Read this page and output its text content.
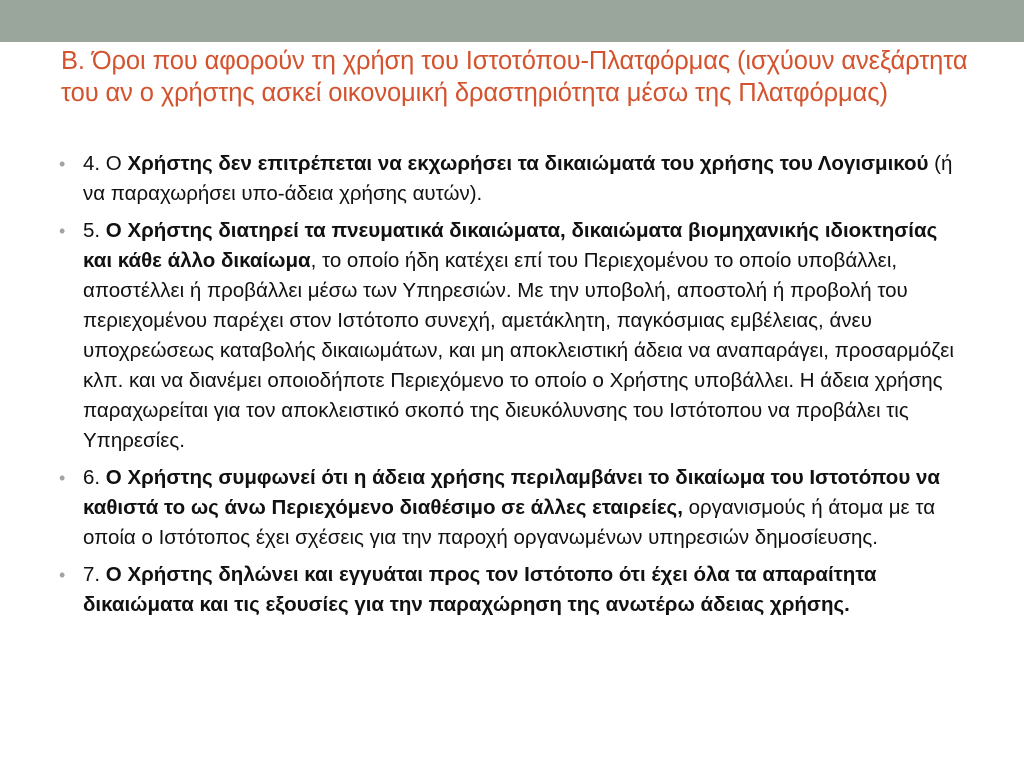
Β. Όροι που αφορούν τη χρήση του Ιστοτόπου-Πλατφόρμας (ισχύουν ανεξάρτητα του αν ο χρήστης ασκεί οικονομική δραστηριότητα μέσω της Πλατφόρμας)
• 4. Ο Χρήστης δεν επιτρέπεται να εκχωρήσει τα δικαιώματά του χρήσης του Λογισμικού (ή να παραχωρήσει υπο-άδεια χρήσης αυτών).
• 5. Ο Χρήστης διατηρεί τα πνευματικά δικαιώματα, δικαιώματα βιομηχανικής ιδιοκτησίας και κάθε άλλο δικαίωμα, το οποίο ήδη κατέχει επί του Περιεχομένου το οποίο υποβάλλει, αποστέλλει ή προβάλλει μέσω των Υπηρεσιών. Με την υποβολή, αποστολή ή προβολή του περιεχομένου παρέχει στον Ιστότοπο συνεχή, αμετάκλητη, παγκόσμιας εμβέλειας, άνευ υποχρεώσεως καταβολής δικαιωμάτων, και μη αποκλειστική άδεια να αναπαράγει, προσαρμόζει κλπ. και να διανέμει οποιοδήποτε Περιεχόμενο το οποίο ο Χρήστης υποβάλλει. Η άδεια χρήσης παραχωρείται για τον αποκλειστικό σκοπό της διευκόλυνσης του Ιστότοπου να προβάλει τις Υπηρεσίες.
• 6. Ο Χρήστης συμφωνεί ότι η άδεια χρήσης περιλαμβάνει το δικαίωμα του Ιστοτόπου να καθιστά το ως άνω Περιεχόμενο διαθέσιμο σε άλλες εταιρείες, οργανισμούς ή άτομα με τα οποία ο Ιστότοπος έχει σχέσεις για την παροχή οργανωμένων υπηρεσιών δημοσίευσης.
• 7. Ο Χρήστης δηλώνει και εγγυάται προς τον Ιστότοπο ότι έχει όλα τα απαραίτητα δικαιώματα και τις εξουσίες για την παραχώρηση της ανωτέρω άδειας χρήσης.
